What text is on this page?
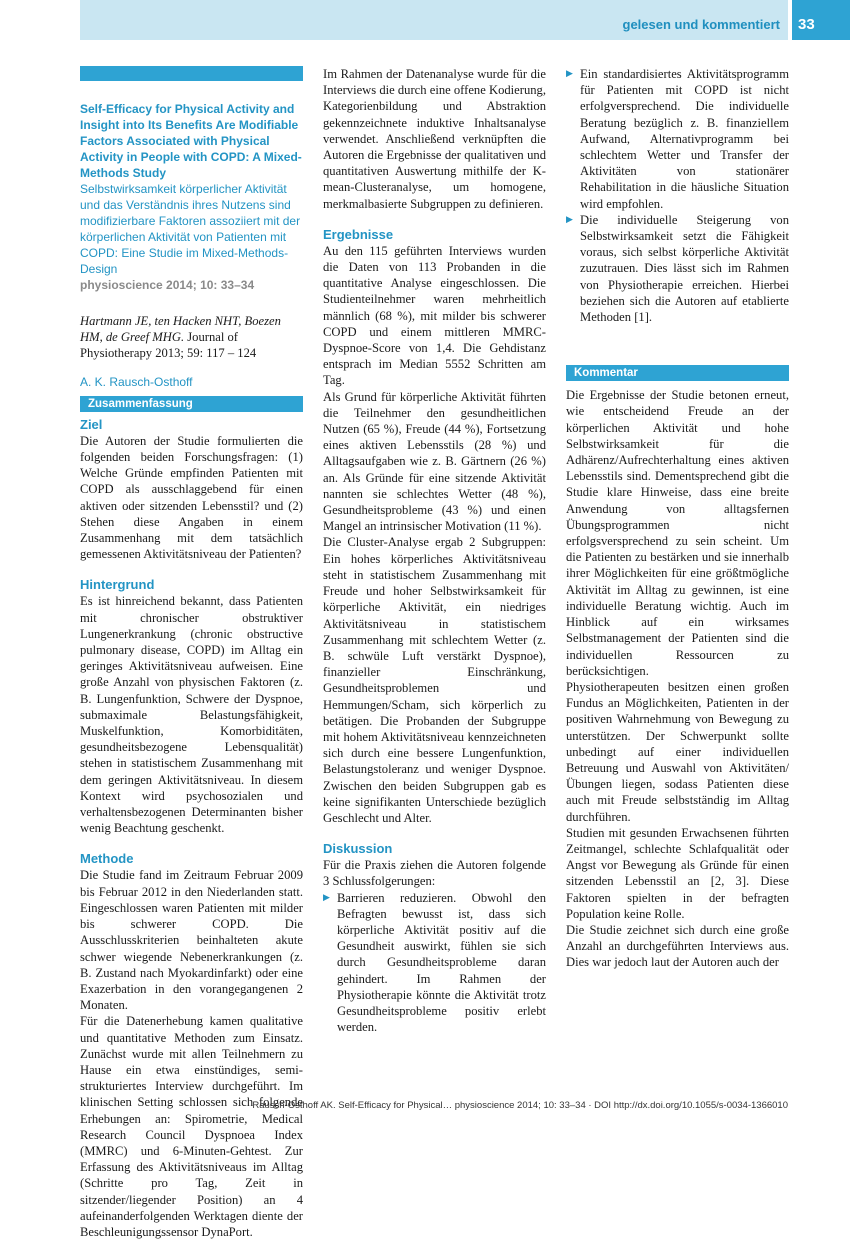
gelesen und kommentiert	33
Self-Efficacy for Physical Activity and Insight into Its Benefits Are Modifiable Factors Associated with Physical Activity in People with COPD: A Mixed-Methods Study
Selbstwirksamkeit körperlicher Aktivität und das Verständnis ihres Nutzens sind modifizierbare Faktoren assoziiert mit der körperlichen Aktivität von Patienten mit COPD: Eine Studie im Mixed-Methods-Design
physioscience 2014; 10: 33–34

Hartmann JE, ten Hacken NHT, Boezen HM, de Greef MHG. Journal of Physiotherapy 2013; 59: 117 – 124

A. K. Rausch-Osthoff
Zusammenfassung
Ziel

Die Autoren der Studie formulierten die folgenden beiden Forschungsfragen: (1) Welche Gründe empfinden Patienten mit COPD als ausschlaggebend für einen aktiven oder sitzenden Lebensstil? und (2) Stehen diese Angaben in einem Zusammenhang mit dem tatsächlich gemessenen Aktivitätsniveau der Patienten?

Hintergrund

Es ist hinreichend bekannt, dass Patienten mit chronischer obstruktiver Lungenerkrankung (chronic obstructive pulmonary disease, COPD) im Alltag ein geringes Aktivitätsniveau aufweisen. Eine große Anzahl von physischen Faktoren (z. B. Lungenfunktion, Schwere der Dyspnoe, submaximale Belastungsfähigkeit, Muskelfunktion, Komorbiditäten, gesundheitsbezogene Lebensqualität) stehen in statistischem Zusammenhang mit dem geringen Aktivitätsniveau. In diesem Kontext wird psychosozialen und verhaltensbezogenen Determinanten bisher wenig Beachtung geschenkt.

Methode

Die Studie fand im Zeitraum Februar 2009 bis Februar 2012 in den Niederlanden statt. Eingeschlossen waren Patienten mit milder bis schwerer COPD. Die Ausschlusskriterien beinhalteten akute schwer wiegende Nebenerkrankungen (z. B. Zustand nach Myokardinfarkt) oder eine Exazerbation in den vorangegangenen 2 Monaten.

Für die Datenerhebung kamen qualitative und quantitative Methoden zum Einsatz. Zunächst wurde mit allen Teilnehmern zu Hause ein etwa einstündiges, semi-strukturiertes Interview durchgeführt. Im klinischen Setting schlossen sich folgende Erhebungen an: Spirometrie, Medical Research Council Dyspnoea Index (MMRC) und 6-Minuten-Gehtest. Zur Erfassung des Aktivitätsniveaus im Alltag (Schritte pro Tag, Zeit in sitzender/liegender Position) an 4 aufeinanderfolgenden Werktagen diente der Beschleunigungssensor DynaPort.

Im Rahmen der Datenanalyse wurde für die Interviews die durch eine offene Kodierung, Kategorienbildung und Abstraktion gekennzeichnete induktive Inhaltsanalyse verwendet. Anschließend verknüpften die Autoren die Ergebnisse der qualitativen und quantitativen Auswertung mithilfe der K-mean-Clusteranalyse, um homogene, merkmalbasierte Subgruppen zu definieren.

Ergebnisse

Au den 115 geführten Interviews wurden die Daten von 113 Probanden in die quantitative Analyse eingeschlossen. Die Studienteilnehmer waren mehrheitlich männlich (68 %), mit milder bis schwerer COPD und einem mittleren MMRC-Dyspnoe-Score von 1,4. Die Gehdistanz entsprach im Median 5552 Schritten am Tag.

Als Grund für körperliche Aktivität führten die Teilnehmer den gesundheitlichen Nutzen (65 %), Freude (44 %), Fortsetzung eines aktiven Lebensstils (28 %) und Alltagsaufgaben wie z. B. Gärtnern (26 %) an. Als Gründe für eine sitzende Aktivität nannten sie schlechtes Wetter (48 %), Gesundheitsprobleme (43 %) und einen Mangel an intrinsischer Motivation (11 %).

Die Cluster-Analyse ergab 2 Subgruppen: Ein hohes körperliches Aktivitätsniveau steht in statistischem Zusammenhang mit Freude und hoher Selbstwirksamkeit für körperliche Aktivität, ein niedriges Aktivitätsniveau in statistischem Zusammenhang mit schlechtem Wetter (z. B. schwüle Luft verstärkt Dyspnoe), finanzieller Einschränkung, Gesundheitsproblemen und Hemmungen/Scham, sich körperlich zu betätigen. Die Probanden der Subgruppe mit hohem Aktivitätsniveau kennzeichneten sich durch eine bessere Lungenfunktion, Belastungstoleranz und weniger Dyspnoe. Zwischen den beiden Subgruppen gab es keine signifikanten Unterschiede bezüglich Geschlecht und Alter.

Diskussion

Für die Praxis ziehen die Autoren folgende 3 Schlussfolgerungen:

▶ Barrieren reduzieren. Obwohl den Befragten bewusst ist, dass sich körperliche Aktivität positiv auf die Gesundheit auswirkt, fühlen sie sich durch Gesundheitsprobleme daran gehindert. Im Rahmen der Physiotherapie könnte die Aktivität trotz Gesundheitsprobleme positiv erlebt werden.
▶ Ein standardisiertes Aktivitätsprogramm für Patienten mit COPD ist nicht erfolgversprechend. Die individuelle Beratung bezüglich z. B. finanziellem Aufwand, Alternativprogramm bei schlechtem Wetter und Transfer der Aktivitäten von stationärer Rehabilitation in die häusliche Situation wird empfohlen.
▶ Die individuelle Steigerung von Selbstwirksamkeit setzt die Fähigkeit voraus, sich selbst körperliche Aktivität zuzutrauen. Dies lässt sich im Rahmen von Physiotherapie erreichen. Hierbei beziehen sich die Autoren auf etablierte Methoden [1].
Kommentar

Die Ergebnisse der Studie betonen erneut, wie entscheidend Freude an der körperlichen Aktivität und hohe Selbstwirksamkeit für die Adhärenz/Aufrechterhaltung eines aktiven Lebensstils sind. Dementsprechend gibt die Studie klare Hinweise, dass eine breite Anwendung von alltagsfernen Übungsprogrammen nicht erfolgsversprechend zu sein scheint. Um die Patienten zu bestärken und sie innerhalb ihrer Möglichkeiten für eine größtmögliche Aktivität im Alltag zu gewinnen, ist eine individuelle Beratung wichtig. Auch im Hinblick auf ein wirksames Selbstmanagement der Patienten sind die individuellen Ressourcen zu berücksichtigen.

Physiotherapeuten besitzen einen großen Fundus an Möglichkeiten, Patienten in der positiven Wahrnehmung von Bewegung zu unterstützen. Der Schwerpunkt sollte unbedingt auf einer individuellen Betreuung und Auswahl von Aktivitäten/Übungen liegen, sodass Patienten diese auch mit Freude selbstständig im Alltag durchführen.

Studien mit gesunden Erwachsenen führten Zeitmangel, schlechte Schlafqualität oder Angst vor Bewegung als Gründe für einen sitzenden Lebensstil an [2, 3]. Diese Faktoren spielten in der befragten Population keine Rolle.

Die Studie zeichnet sich durch eine große Anzahl an durchgeführten Interviews aus. Dies war jedoch laut der Autoren auch der

Rausch-Osthoff AK. Self-Efficacy for Physical… physioscience 2014; 10: 33–34 · DOI http://dx.doi.org/10.1055/s-0034-1366010
